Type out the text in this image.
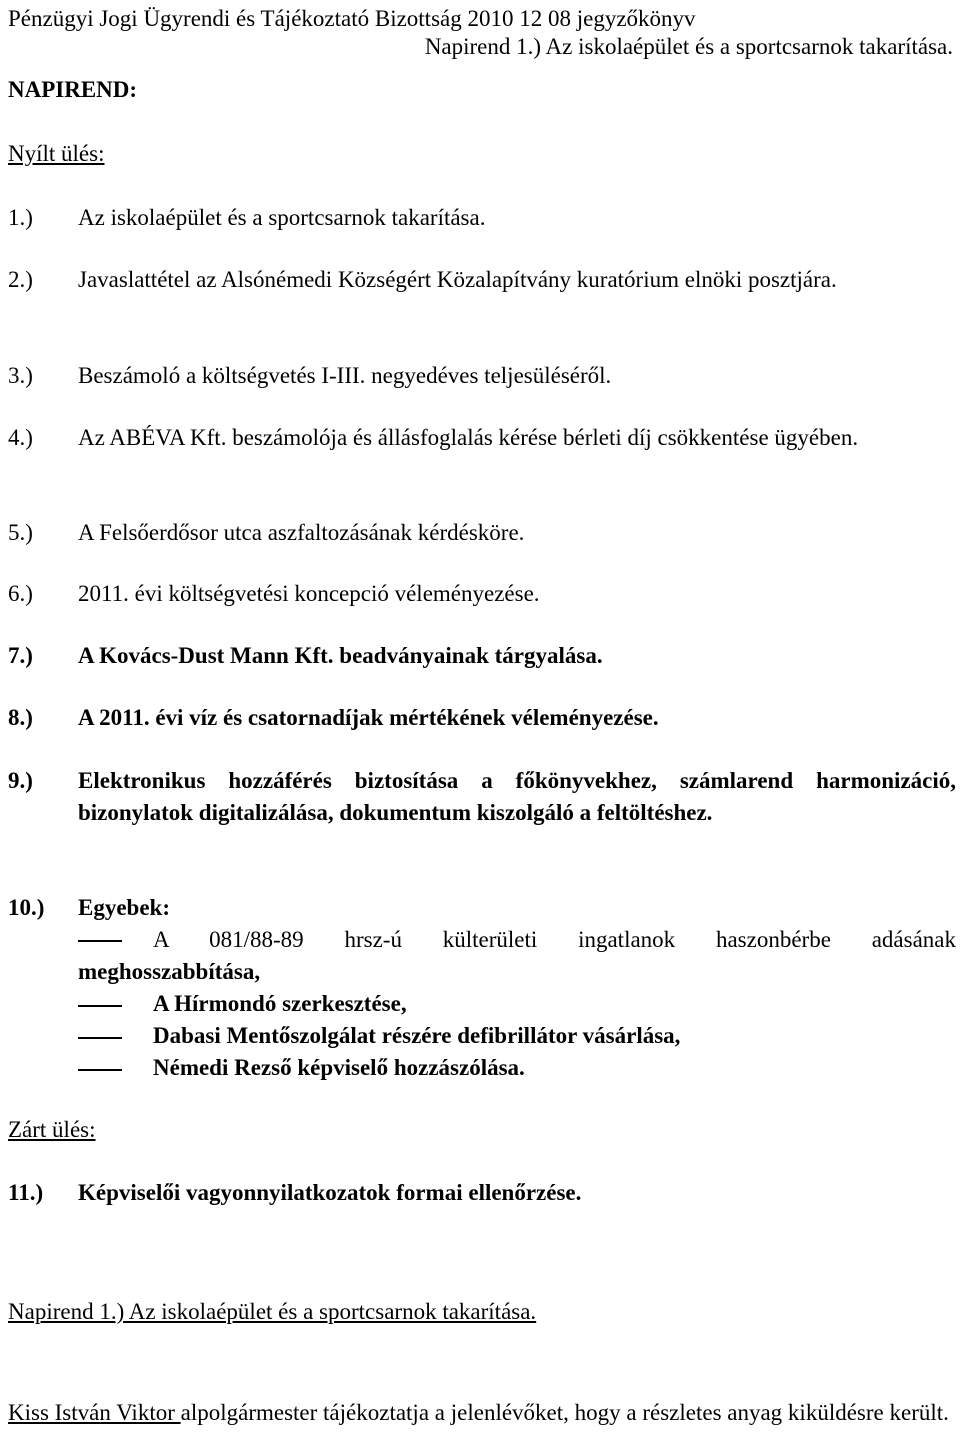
Pénzügyi Jogi Ügyrendi és Tájékoztató Bizottság 2010 12 08 jegyzőkönyv
Napirend 1.) Az iskolaépület és a sportcsarnok takarítása.
NAPIREND:
Nyílt ülés:
1.) Az iskolaépület és a sportcsarnok takarítása.
2.) Javaslattétel az Alsónémedi Községért Közalapítvány kuratórium elnöki posztjára.
3.) Beszámoló a költségvetés I-III. negyedéves teljesüléséről.
4.) Az ABÉVA Kft. beszámolója és állásfoglalás kérése bérleti díj csökkentése ügyében.
5.) A Felsőerdősor utca aszfaltozásának kérdésköre.
6.) 2011. évi költségvetési koncepció véleményezése.
7.) A Kovács-Dust Mann Kft. beadványainak tárgyalása.
8.) A 2011. évi víz és csatornadíjak mértékének véleményezése.
9.) Elektronikus hozzáférés biztosítása a főkönyvekhez, számlarend harmonizáció, bizonylatok digitalizálása, dokumentum kiszolgáló a feltöltéshez.
10.) Egyebek:
A 081/88-89 hrsz-ú külterületi ingatlanok haszonbérbe adásának
meghosszabbítása,
A Hírmondó szerkesztése,
Dabasi Mentőszolgálat részére defibrillátor vásárlása,
Némedi Rezső képviselő hozzászólása.
Zárt ülés:
11.) Képviselői vagyonnyilatkozatok formai ellenőrzése.
Napirend 1.) Az iskolaépület és a sportcsarnok takarítása.
Kiss István Viktor alpolgármester tájékoztatja a jelenlévőket, hogy a részletes anyag kiküldésre került.
